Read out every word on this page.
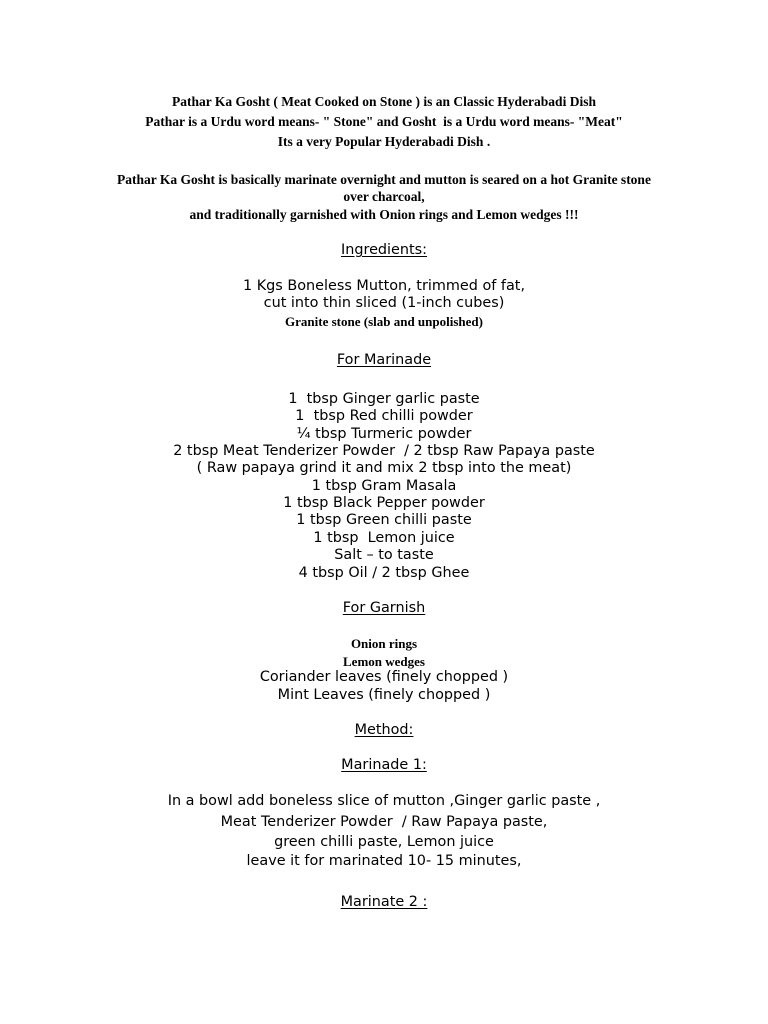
Pathar Ka Gosht ( Meat Cooked on Stone ) is an Classic Hyderabadi Dish
Pathar is a Urdu word means- " Stone" and Gosht  is a Urdu word means- "Meat"
Its a very Popular Hyderabadi Dish .
Pathar Ka Gosht is basically marinate overnight and mutton is seared on a hot Granite stone
over charcoal,
and traditionally garnished with Onion rings and Lemon wedges !!!
Ingredients:
1 Kgs Boneless Mutton, trimmed of fat,
cut into thin sliced (1-inch cubes)
Granite stone (slab and unpolished)
For Marinade
1  tbsp Ginger garlic paste
1  tbsp Red chilli powder
¼ tbsp Turmeric powder
2 tbsp Meat Tenderizer Powder  / 2 tbsp Raw Papaya paste
( Raw papaya grind it and mix 2 tbsp into the meat)
1 tbsp Gram Masala
1 tbsp Black Pepper powder
1 tbsp Green chilli paste
1 tbsp  Lemon juice
Salt – to taste
4 tbsp Oil / 2 tbsp Ghee
For Garnish
Onion rings
Lemon wedges
Coriander leaves (finely chopped )
Mint Leaves (finely chopped )
Method:
Marinade 1:
In a bowl add boneless slice of mutton ,Ginger garlic paste ,
Meat Tenderizer Powder  / Raw Papaya paste,
green chilli paste, Lemon juice
leave it for marinated 10- 15 minutes,
Marinate 2 :
